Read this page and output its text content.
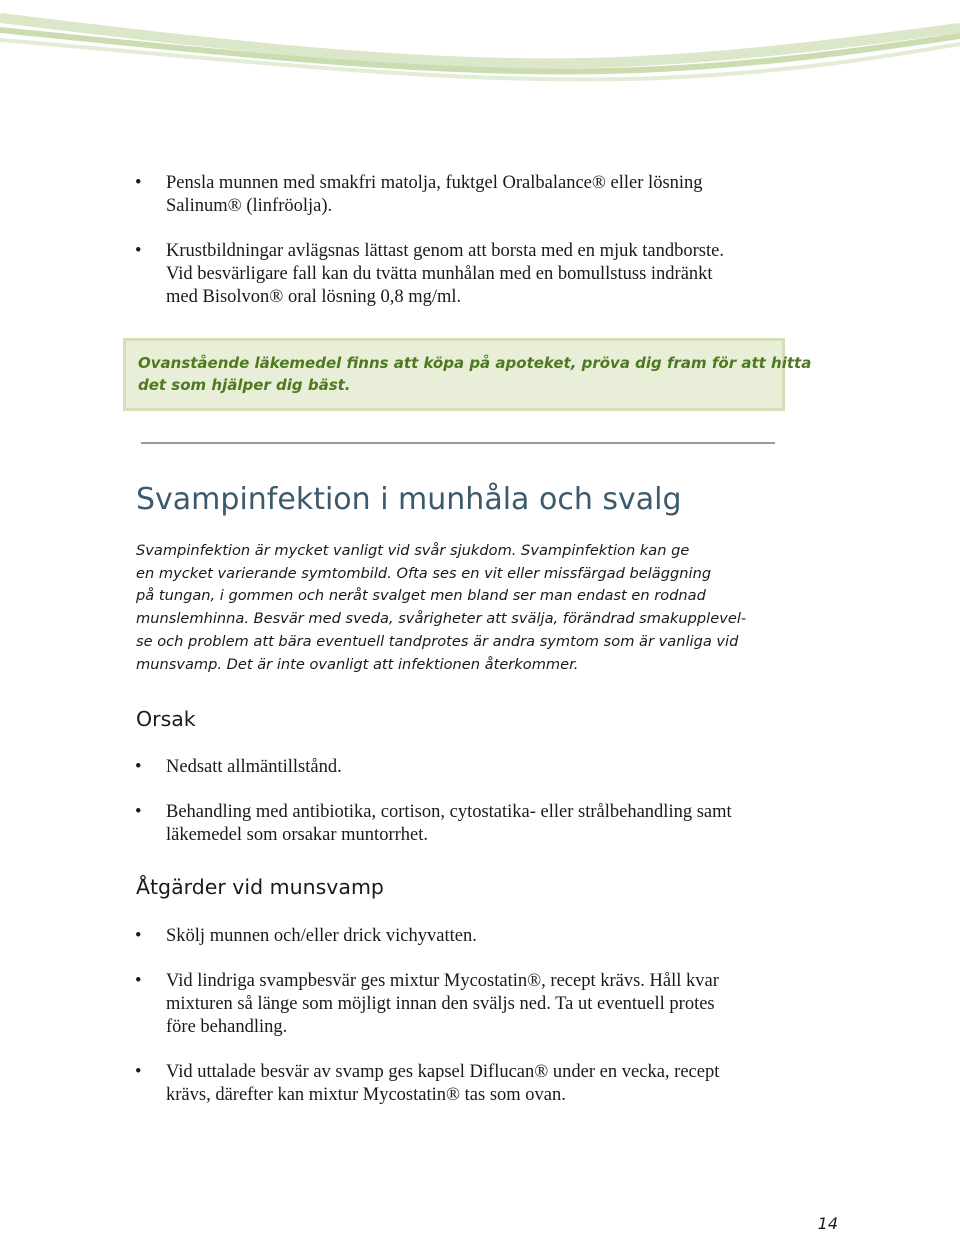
• Pensla munnen med smakfri matolja, fuktgel Oralbalance® eller lösning
Salinum® (linfröolja).
• Krustbildningar avlägsnas lättast genom att borsta med en mjuk tandborste.
Vid besvärligare fall kan du tvätta munhålan med en bomullstuss indränkt
med Bisolvon® oral lösning 0,8 mg/ml.

Ovanstående läkemedel finns att köpa på apoteket, pröva dig fram för att hitta
det som hjälper dig bäst.

Svampinfektion i munhåla och svalg

Svampinfektion är mycket vanligt vid svår sjukdom. Svampinfektion kan ge
en mycket varierande symtombild. Ofta ses en vit eller missfärgad beläggning
på tungan, i gommen och neråt svalget men bland ser man endast en rodnad
munslemhinna. Besvär med sveda, svårigheter att svälja, förändrad smakupplevel-
se och problem att bära eventuell tandprotes är andra symtom som är vanliga vid
munsvamp. Det är inte ovanligt att infektionen återkommer.

Orsak
• Nedsatt allmäntillstånd.
• Behandling med antibiotika, cortison, cytostatika- eller strålbehandling samt
läkemedel som orsakar muntorrhet.
Åtgärder vid munsvamp
• Skölj munnen och/eller drick vichyvatten.
• Vid lindriga svampbesvär ges mixtur Mycostatin®, recept krävs. Håll kvar
mixturen så länge som möjligt innan den sväljs ned. Ta ut eventuell protes
före behandling.
• Vid uttalade besvär av svamp ges kapsel Diflucan® under en vecka, recept
krävs, därefter kan mixtur Mycostatin® tas som ovan.
14
